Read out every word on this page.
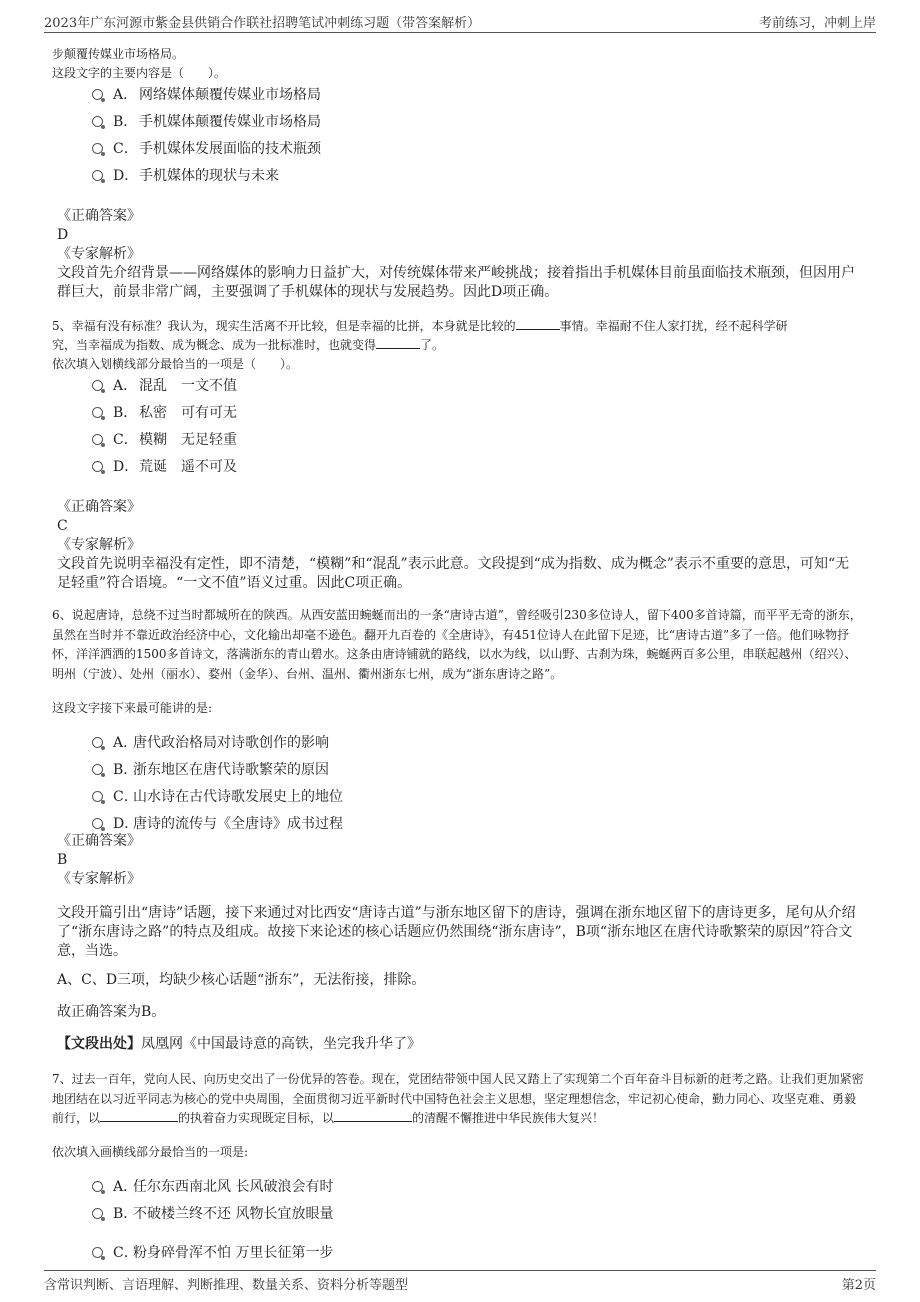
2023年广东河源市紫金县供销合作联社招聘笔试冲刺练习题（带答案解析）	考前练习，冲刺上岸
步颠覆传媒业市场格局。
这段文字的主要内容是（　　）。
A． 网络媒体颠覆传媒业市场格局
B． 手机媒体颠覆传媒业市场格局
C．手机媒体发展面临的技术瓶颈
D．手机媒体的现状与未来
《正确答案》
D
《专家解析》
文段首先介绍背景——网络媒体的影响力日益扩大，对传统媒体带来严峻挑战；接着指出手机媒体目前虽面临技术瓶颈，但因用户群巨大，前景非常广阔，主要强调了手机媒体的现状与发展趋势。因此D项正确。
5、幸福有没有标准？我认为，现实生活离不开比较，但是幸福的比拼，本身就是比较的	事情。幸福耐不住人家打扰，经不起科学研
究，当幸福成为指数、成为概念、成为一批标准时，也就变得	了。
依次填入划横线部分最恰当的一项是（　　）。
A． 混乱　一文不值
B． 私密　可有可无
C．模糊　无足轻重
D．荒诞　遥不可及
《正确答案》
C
《专家解析》
文段首先说明幸福没有定性，即不清楚，“模糊”和“混乱”表示此意。文段提到“成为指数、成为概念”表示不重要的意思，可知“无足轻重”符合语境。“一文不值”语义过重。因此C项正确。
6、说起唐诗，总绕不过当时都城所在的陕西。从西安蓝田蜿蜒而出的一条“唐诗古道”，曾经吸引230多位诗人，留下400多首诗篇，而平平无奇的浙东，虽然在当时并不靠近政治经济中心，文化输出却毫不逊色。翻开九百卷的《全唐诗》，有451位诗人在此留下足迹，比“唐诗古道”多了一倍。他们咏物抒怀，洋洋洒洒的1500多首诗文，落满浙东的青山碧水。这条由唐诗铺就的路线，以水为线，以山野、古刹为珠，蜿蜒两百多公里，串联起越州（绍兴）、明州（宁波）、处州（丽水）、婺州（金华）、台州、温州、衢州浙东七州，成为“浙东唐诗之路”。
这段文字接下来最可能讲的是:
A．唐代政治格局对诗歌创作的影响
B．浙东地区在唐代诗歌繁荣的原因
C．山水诗在古代诗歌发展史上的地位
D．唐诗的流传与《全唐诗》成书过程
《正确答案》
B
《专家解析》
文段开篇引出“唐诗”话题，接下来通过对比西安“唐诗古道”与浙东地区留下的唐诗，强调在浙东地区留下的唐诗更多，尾句从介绍了“浙东唐诗之路”的特点及组成。故接下来论述的核心话题应仍然围绕“浙东唐诗”，B项“浙东地区在唐代诗歌繁荣的原因”符合文意，当选。
A、C、D三项，均缺少核心话题“浙东”，无法衔接，排除。
故正确答案为B。
【文段出处】凤凰网《中国最诗意的高铁，坐完我升华了》
7、过去一百年，党向人民、向历史交出了一份优异的答卷。现在，党团结带领中国人民又踏上了实现第二个百年奋斗目标新的赶考之路。让我们更加紧密地团结在以习近平同志为核心的党中央周围，全面贯彻习近平新时代中国特色社会主义思想，坚定理想信念，牢记初心使命，勤力同心、攻坚克难、勇毅前行，以	的执着奋力实现既定目标，以	的清醒不懈推进中华民族伟大复兴！
依次填入画横线部分最恰当的一项是:
A．任尔东西南北风 长风破浪会有时
B．不破楼兰终不还 风物长宜放眼量
C．粉身碎骨浑不怕 万里长征第一步
含常识判断、言语理解、判断推理、数量关系、资料分析等题型	第2页
